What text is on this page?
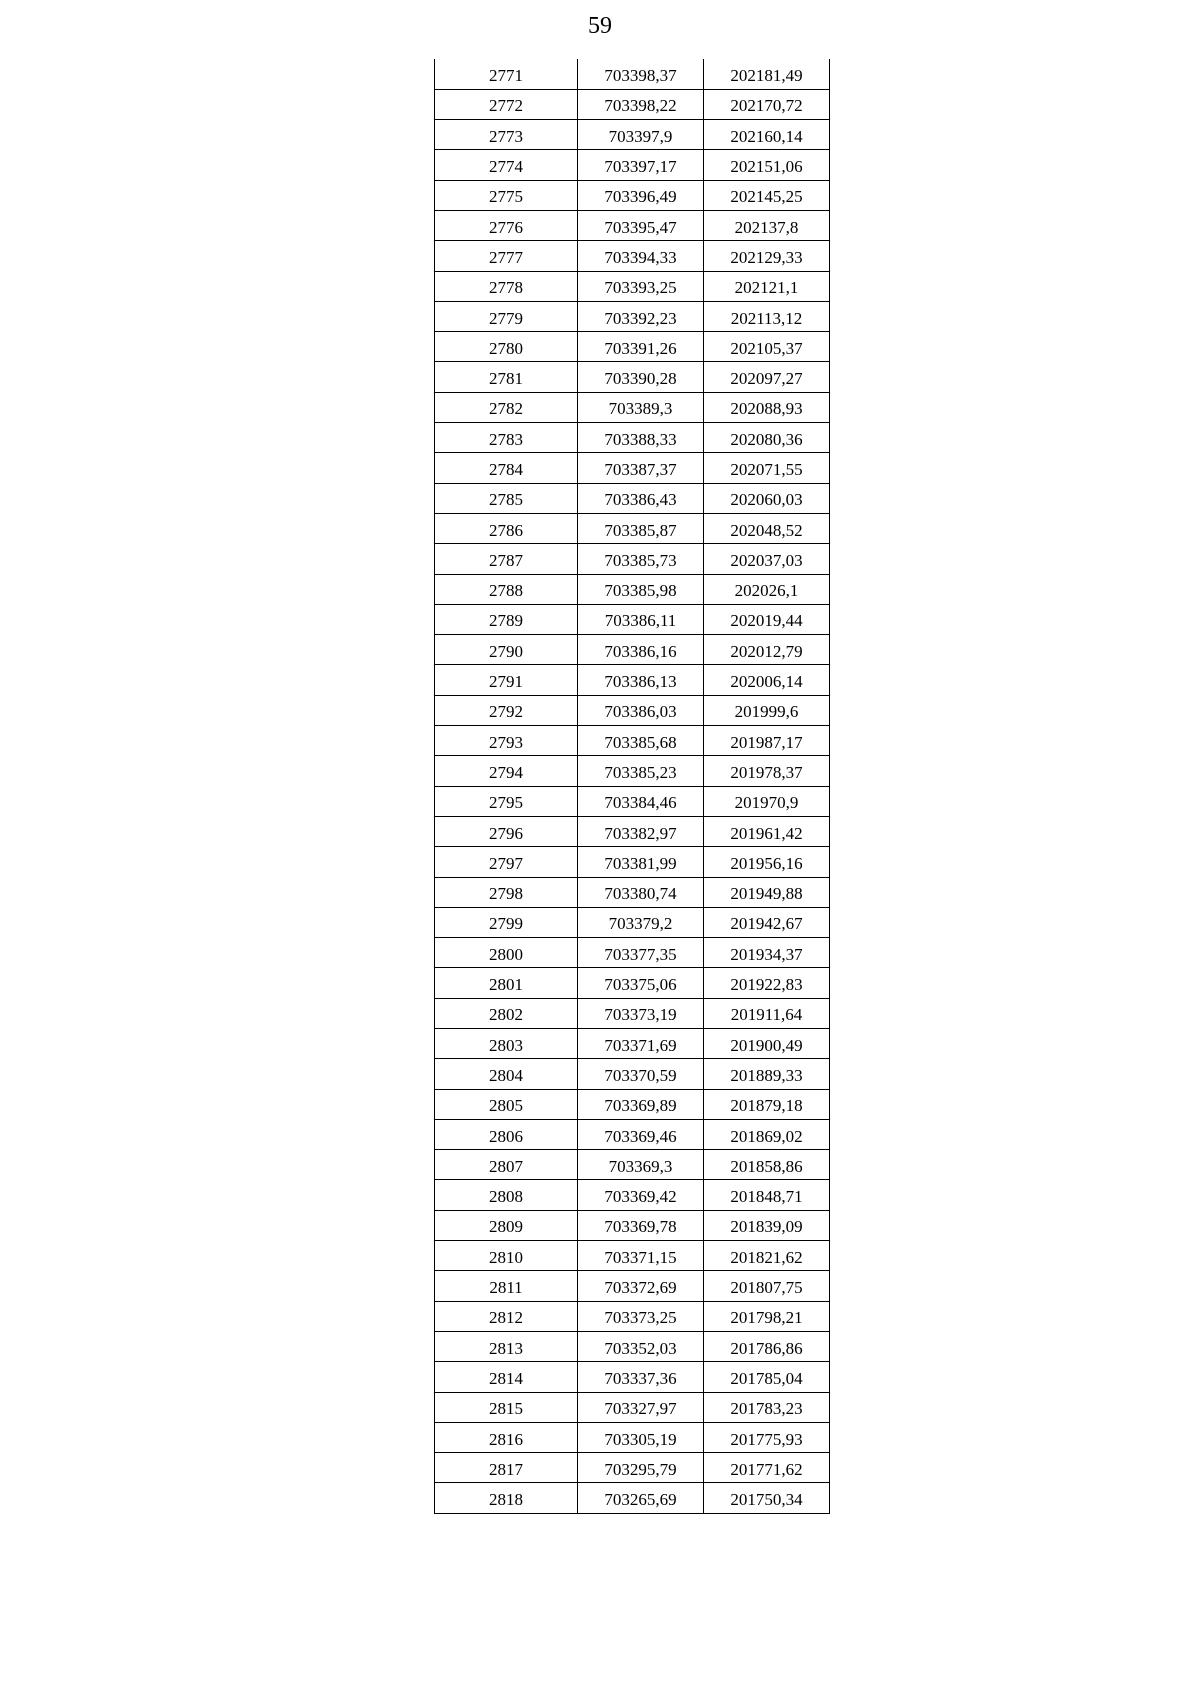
59
2771	703398,37	202181,49
2772	703398,22	202170,72
2773	703397,9	202160,14
2774	703397,17	202151,06
2775	703396,49	202145,25
2776	703395,47	202137,8
2777	703394,33	202129,33
2778	703393,25	202121,1
2779	703392,23	202113,12
2780	703391,26	202105,37
2781	703390,28	202097,27
2782	703389,3	202088,93
2783	703388,33	202080,36
2784	703387,37	202071,55
2785	703386,43	202060,03
2786	703385,87	202048,52
2787	703385,73	202037,03
2788	703385,98	202026,1
2789	703386,11	202019,44
2790	703386,16	202012,79
2791	703386,13	202006,14
2792	703386,03	201999,6
2793	703385,68	201987,17
2794	703385,23	201978,37
2795	703384,46	201970,9
2796	703382,97	201961,42
2797	703381,99	201956,16
2798	703380,74	201949,88
2799	703379,2	201942,67
2800	703377,35	201934,37
2801	703375,06	201922,83
2802	703373,19	201911,64
2803	703371,69	201900,49
2804	703370,59	201889,33
2805	703369,89	201879,18
2806	703369,46	201869,02
2807	703369,3	201858,86
2808	703369,42	201848,71
2809	703369,78	201839,09
2810	703371,15	201821,62
2811	703372,69	201807,75
2812	703373,25	201798,21
2813	703352,03	201786,86
2814	703337,36	201785,04
2815	703327,97	201783,23
2816	703305,19	201775,93
2817	703295,79	201771,62
2818	703265,69	201750,34
